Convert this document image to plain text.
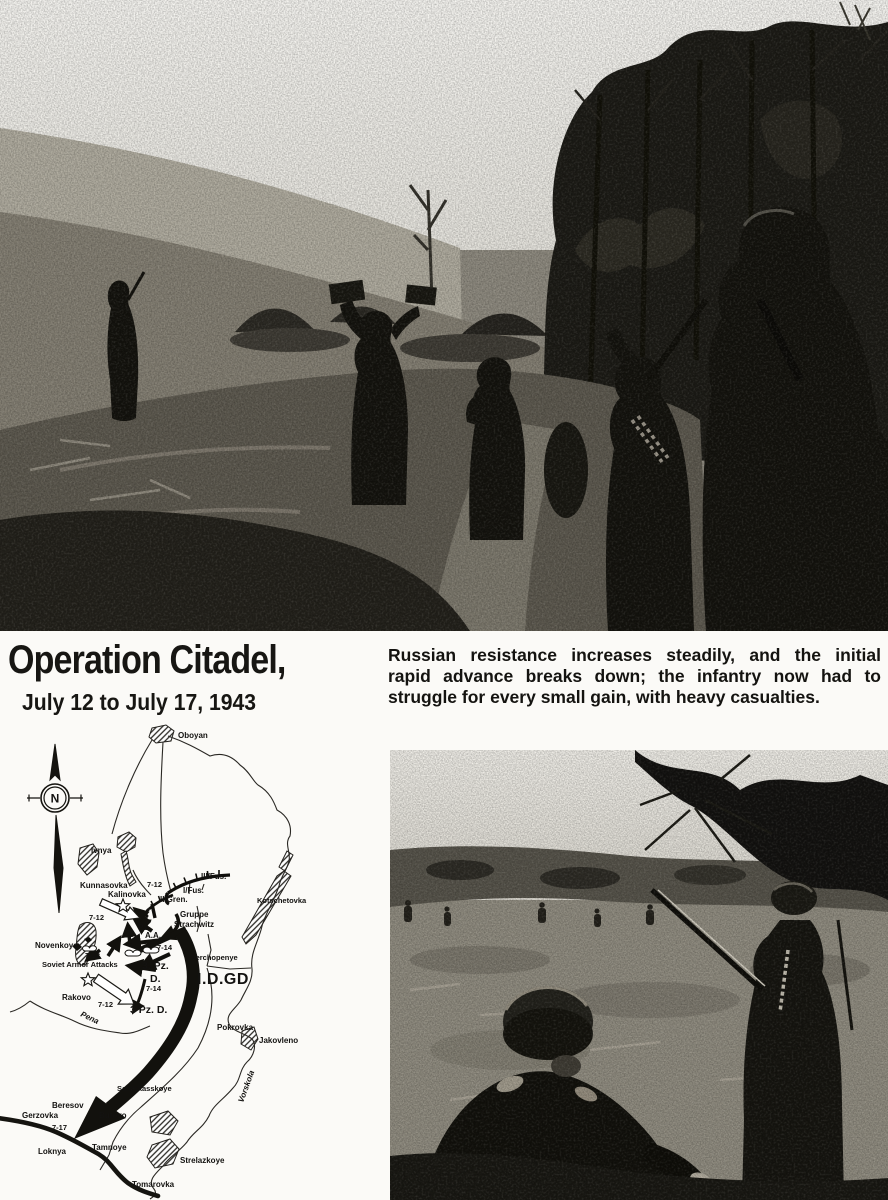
Operation Citadel,
July 12 to July 17, 1943
Russian resistance increases steadily, and the initial
rapid advance breaks down; the infantry now had to
struggle for every small gain, with heavy casualties.
N
Oboyan
Ivnya
Kunnasovka	7-12
Kalinovka
III/Fus.
I/Fus.
II/Gren.
Gruppe
Strachwitz
Kotschetovka
7-12
Pz.
A.A.
7-14
Novenkoye
7-12
Soviet Armor Attacks 3. Pz.
D. I.D.GD
Verchopenye
7-14
Rakovo
7-12 3 Pz. D.
Pena
Pokrovka
Jakovleno
Scharkasskoye	Vorskola
Beresov
Gerzovka	Butovo
7-17
Loknya	Tamnoye
Strelazkoye
Tomarovka
